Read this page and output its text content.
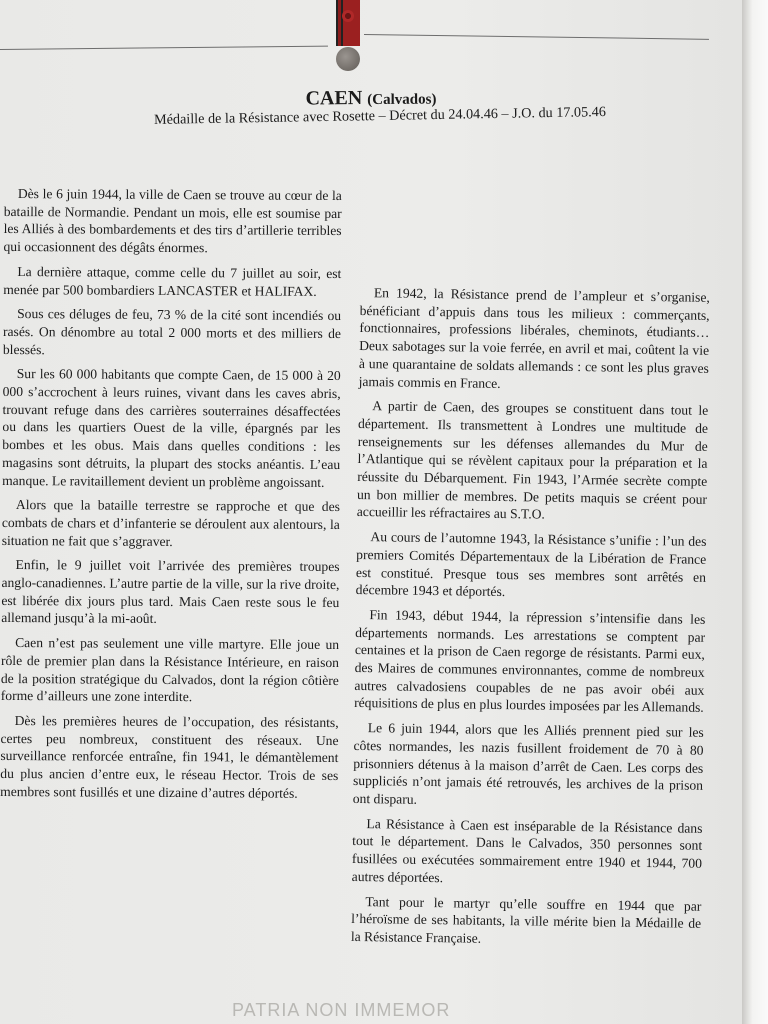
CAEN (Calvados)
Médaille de la Résistance avec Rosette – Décret du 24.04.46 – J.O. du 17.05.46

Dès le 6 juin 1944, la ville de Caen se trouve au cœur de la bataille de Normandie. Pendant un mois, elle est soumise par les Alliés à des bombardements et des tirs d’artillerie terribles qui occasionnent des dégâts énormes.

La dernière attaque, comme celle du 7 juillet au soir, est menée par 500 bombardiers LANCASTER et HALIFAX.

Sous ces déluges de feu, 73 % de la cité sont incendiés ou rasés. On dénombre au total 2 000 morts et des milliers de blessés.

Sur les 60 000 habitants que compte Caen, de 15 000 à 20 000 s’accrochent à leurs ruines, vivant dans les caves abris, trouvant refuge dans des carrières souterraines désaffectées ou dans les quartiers Ouest de la ville, épargnés par les bombes et les obus. Mais dans quelles conditions : les magasins sont détruits, la plupart des stocks anéantis. L’eau manque. Le ravitaillement devient un problème angoissant.

Alors que la bataille terrestre se rapproche et que des combats de chars et d’infanterie se déroulent aux alentours, la situation ne fait que s’aggraver.

Enfin, le 9 juillet voit l’arrivée des premières troupes anglo-canadiennes. L’autre partie de la ville, sur la rive droite, est libérée dix jours plus tard. Mais Caen reste sous le feu allemand jusqu’à la mi-août.

Caen n’est pas seulement une ville martyre. Elle joue un rôle de premier plan dans la Résistance Intérieure, en raison de la position stratégique du Calvados, dont la région côtière forme d’ailleurs une zone interdite.

Dès les premières heures de l’occupation, des résistants, certes peu nombreux, constituent des réseaux. Une surveillance renforcée entraîne, fin 1941, le démantèlement du plus ancien d’entre eux, le réseau Hector. Trois de ses membres sont fusillés et une dizaine d’autres déportés.

En 1942, la Résistance prend de l’ampleur et s’organise, bénéficiant d’appuis dans tous les milieux : commerçants, fonctionnaires, professions libérales, cheminots, étudiants… Deux sabotages sur la voie ferrée, en avril et mai, coûtent la vie à une quarantaine de soldats allemands : ce sont les plus graves jamais commis en France.

A partir de Caen, des groupes se constituent dans tout le département. Ils transmettent à Londres une multitude de renseignements sur les défenses allemandes du Mur de l’Atlantique qui se révèlent capitaux pour la préparation et la réussite du Débarquement. Fin 1943, l’Armée secrète compte un bon millier de membres. De petits maquis se créent pour accueillir les réfractaires au S.T.O.

Au cours de l’automne 1943, la Résistance s’unifie : l’un des premiers Comités Départementaux de la Libération de France est constitué. Presque tous ses membres sont arrêtés en décembre 1943 et déportés.

Fin 1943, début 1944, la répression s’intensifie dans les départements normands. Les arrestations se comptent par centaines et la prison de Caen regorge de résistants. Parmi eux, des Maires de communes environnantes, comme de nombreux autres calvadosiens coupables de ne pas avoir obéi aux réquisitions de plus en plus lourdes imposées par les Allemands.

Le 6 juin 1944, alors que les Alliés prennent pied sur les côtes normandes, les nazis fusillent froidement de 70 à 80 prisonniers détenus à la maison d’arrêt de Caen. Les corps des suppliciés n’ont jamais été retrouvés, les archives de la prison ont disparu.

La Résistance à Caen est inséparable de la Résistance dans tout le département. Dans le Calvados, 350 personnes sont fusillées ou exécutées sommairement entre 1940 et 1944, 700 autres déportées.

Tant pour le martyr qu’elle souffre en 1944 que par l’héroïsme de ses habitants, la ville mérite bien la Médaille de la Résistance Française.

PATRIA NON IMMEMOR
